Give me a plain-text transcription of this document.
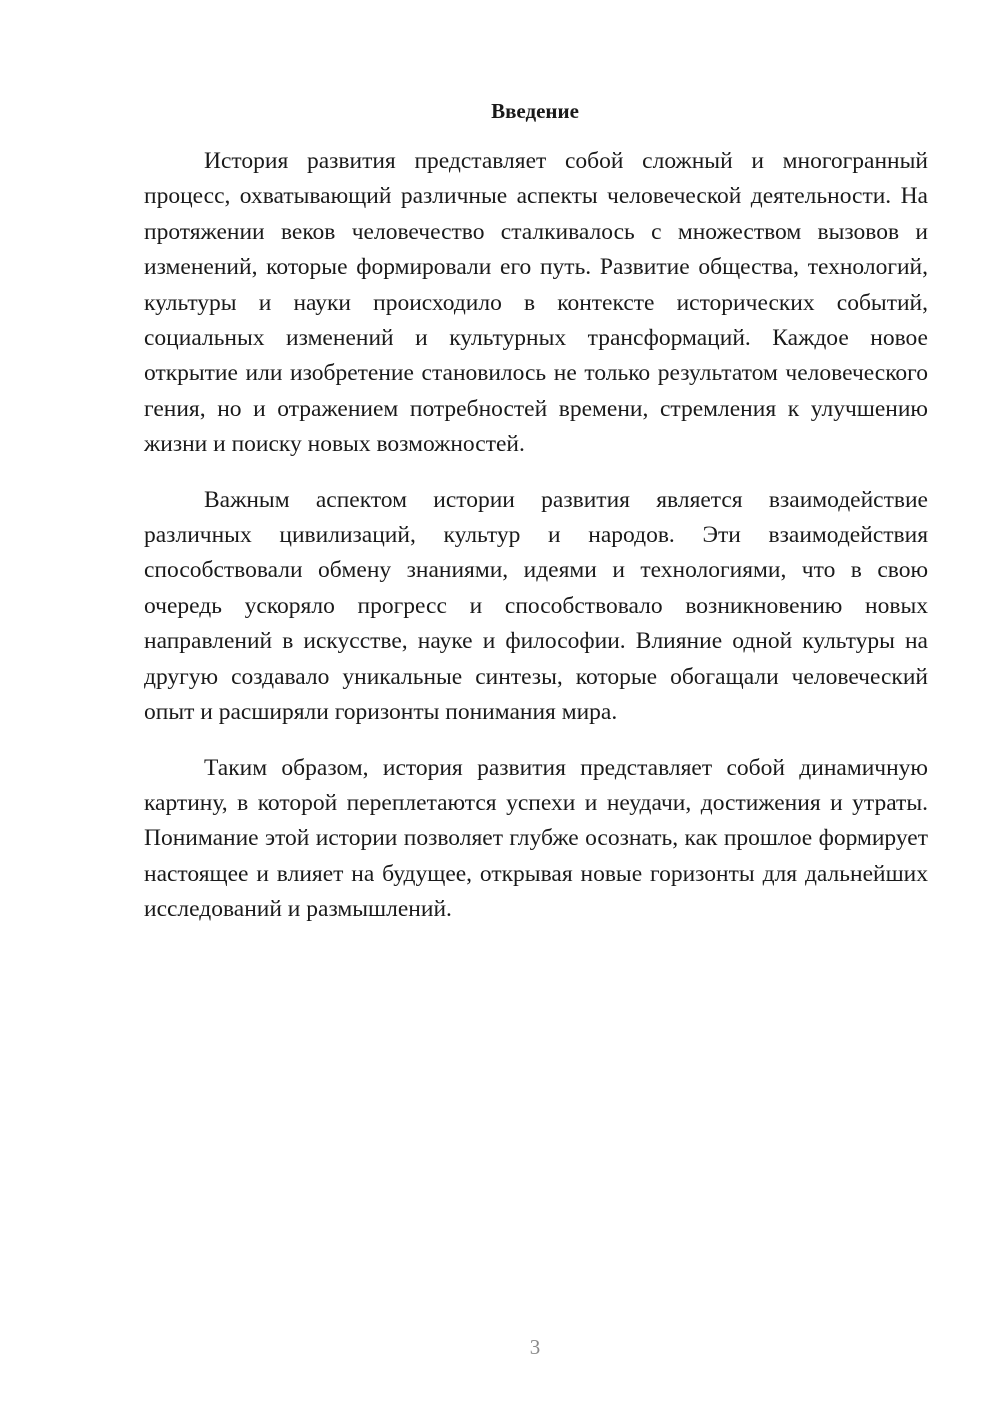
Введение

История развития представляет собой сложный и многогранный процесс, охватывающий различные аспекты человеческой деятельности. На протяжении веков человечество сталкивалось с множеством вызовов и изменений, которые формировали его путь. Развитие общества, технологий, культуры и науки происходило в контексте исторических событий, социальных изменений и культурных трансформаций. Каждое новое открытие или изобретение становилось не только результатом человеческого гения, но и отражением потребностей времени, стремления к улучшению жизни и поиску новых возможностей.

Важным аспектом истории развития является взаимодействие различных цивилизаций, культур и народов. Эти взаимодействия способствовали обмену знаниями, идеями и технологиями, что в свою очередь ускоряло прогресс и способствовало возникновению новых направлений в искусстве, науке и философии. Влияние одной культуры на другую создавало уникальные синтезы, которые обогащали человеческий опыт и расширяли горизонты понимания мира.

Таким образом, история развития представляет собой динамичную картину, в которой переплетаются успехи и неудачи, достижения и утраты. Понимание этой истории позволяет глубже осознать, как прошлое формирует настоящее и влияет на будущее, открывая новые горизонты для дальнейших исследований и размышлений.

3
